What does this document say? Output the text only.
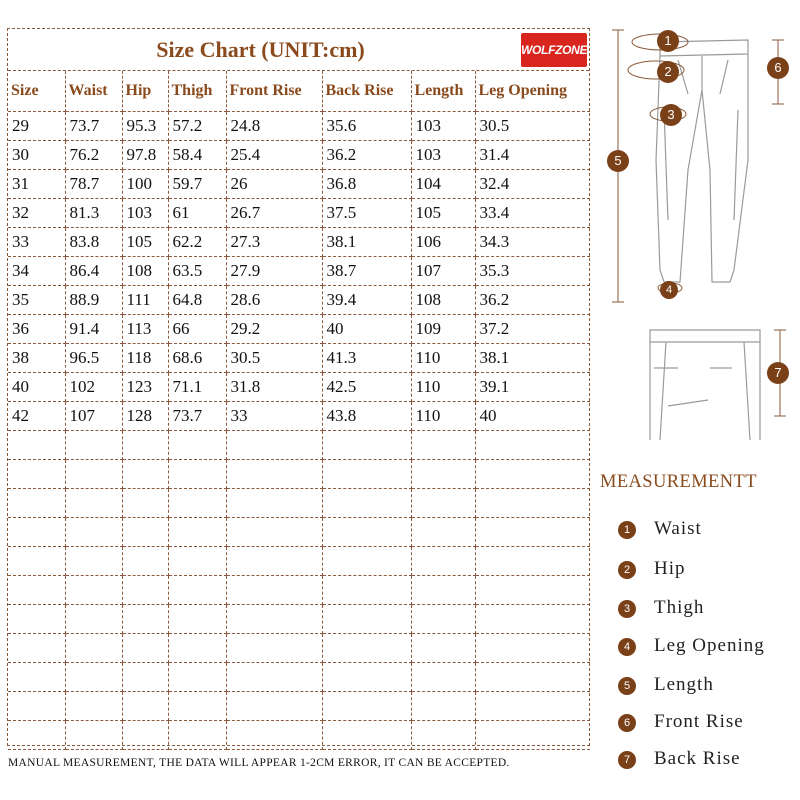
Size Chart (UNIT:cm)	WOLFZONE
Size	Waist	Hip	Thigh	Front Rise	Back Rise	Length	Leg Opening
29	73.7	95.3	57.2	24.8	35.6	103	30.5
30	76.2	97.8	58.4	25.4	36.2	103	31.4
31	78.7	100	59.7	26	36.8	104	32.4
32	81.3	103	61	26.7	37.5	105	33.4
33	83.8	105	62.2	27.3	38.1	106	34.3
34	86.4	108	63.5	27.9	38.7	107	35.3
35	88.9	111	64.8	28.6	39.4	108	36.2
36	91.4	113	66	29.2	40	109	37.2
38	96.5	118	68.6	30.5	41.3	110	38.1
40	102	123	71.1	31.8	42.5	110	39.1
42	107	128	73.7	33	43.8	110	40

MANUAL MEASUREMENT, THE DATA WILL APPEAR 1-2CM ERROR, IT CAN BE ACCEPTED.
1
2
3
4
5
6
7
MEASUREMENTT
1	Waist
2	Hip
3	Thigh
4	Leg Opening
5	Length
6	Front Rise
7	Back Rise
